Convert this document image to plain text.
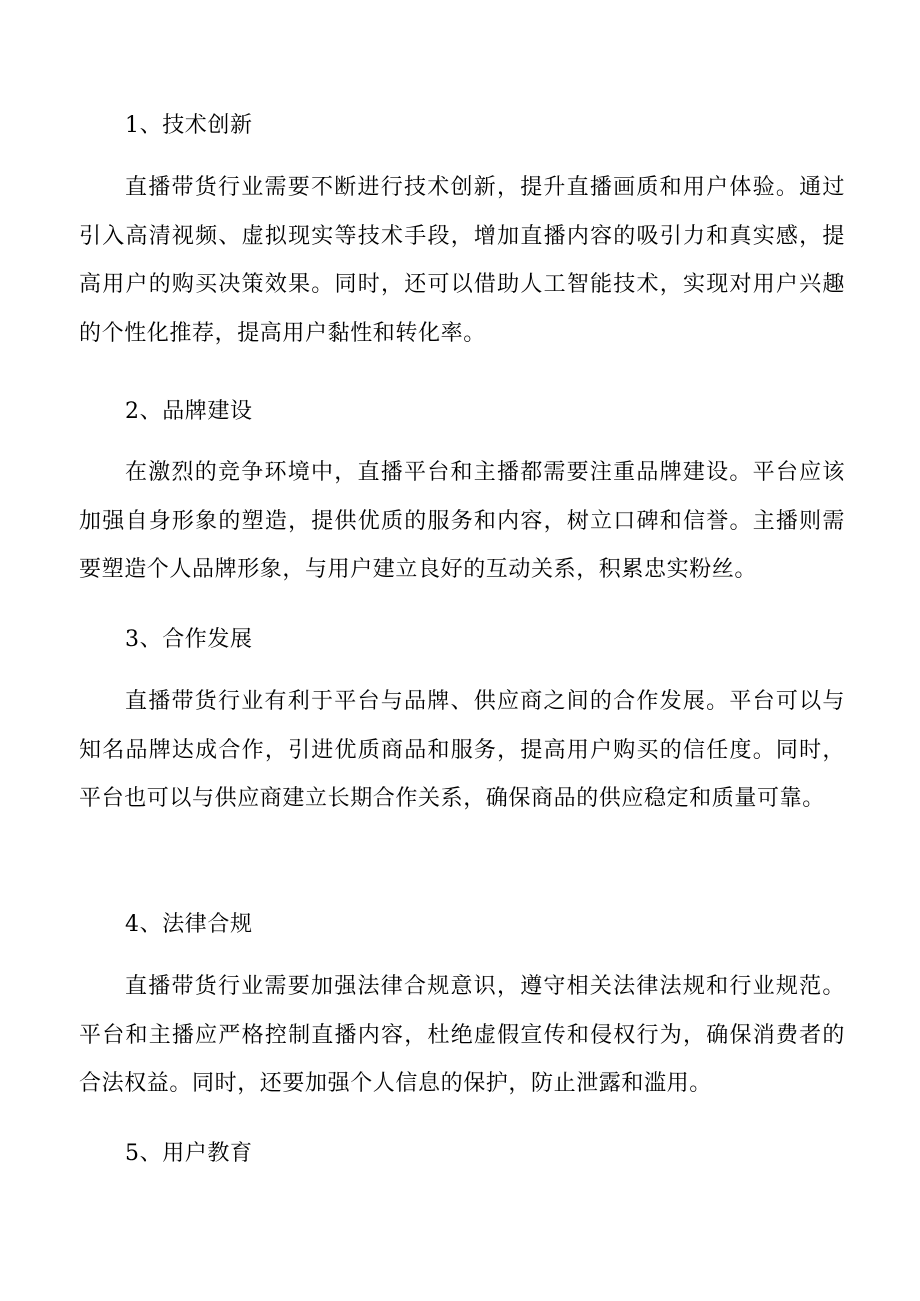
1、技术创新

直播带货行业需要不断进行技术创新，提升直播画质和用户体验。通过引入高清视频、虚拟现实等技术手段，增加直播内容的吸引力和真实感，提高用户的购买决策效果。同时，还可以借助人工智能技术，实现对用户兴趣的个性化推荐，提高用户黏性和转化率。

2、品牌建设

在激烈的竞争环境中，直播平台和主播都需要注重品牌建设。平台应该加强自身形象的塑造，提供优质的服务和内容，树立口碑和信誉。主播则需要塑造个人品牌形象，与用户建立良好的互动关系，积累忠实粉丝。

3、合作发展

直播带货行业有利于平台与品牌、供应商之间的合作发展。平台可以与知名品牌达成合作，引进优质商品和服务，提高用户购买的信任度。同时，平台也可以与供应商建立长期合作关系，确保商品的供应稳定和质量可靠。

4、法律合规

直播带货行业需要加强法律合规意识，遵守相关法律法规和行业规范。平台和主播应严格控制直播内容，杜绝虚假宣传和侵权行为，确保消费者的合法权益。同时，还要加强个人信息的保护，防止泄露和滥用。

5、用户教育
